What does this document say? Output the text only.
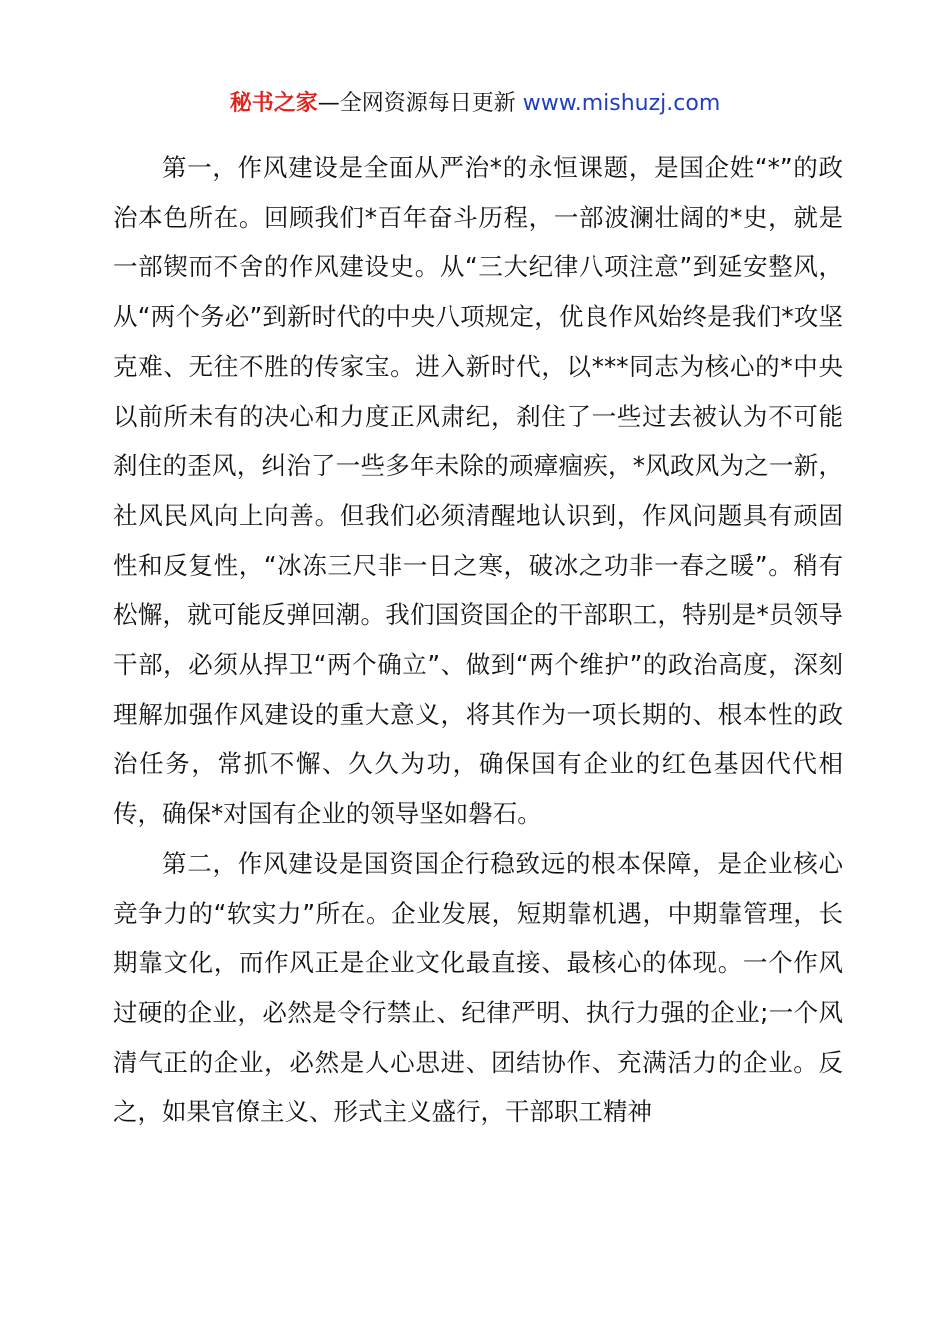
秘书之家—全网资源每日更新 www.mishuzj.com

第一，作风建设是全面从严治*的永恒课题，是国企姓“*”的政治本色所在。回顾我们*百年奋斗历程，一部波澜壮阔的*史，就是一部锲而不舍的作风建设史。从“三大纪律八项注意”到延安整风，从“两个务必”到新时代的中央八项规定，优良作风始终是我们*攻坚克难、无往不胜的传家宝。进入新时代，以***同志为核心的*中央以前所未有的决心和力度正风肃纪，刹住了一些过去被认为不可能刹住的歪风，纠治了一些多年未除的顽瘴痼疾，*风政风为之一新，社风民风向上向善。但我们必须清醒地认识到，作风问题具有顽固性和反复性，“冰冻三尺非一日之寒，破冰之功非一春之暖”。稍有松懈，就可能反弹回潮。我们国资国企的干部职工，特别是*员领导干部，必须从捍卫“两个确立”、做到“两个维护”的政治高度，深刻理解加强作风建设的重大意义，将其作为一项长期的、根本性的政治任务，常抓不懈、久久为功，确保国有企业的红色基因代代相传，确保*对国有企业的领导坚如磐石。

第二，作风建设是国资国企行稳致远的根本保障，是企业核心竞争力的“软实力”所在。企业发展，短期靠机遇，中期靠管理，长期靠文化，而作风正是企业文化最直接、最核心的体现。一个作风过硬的企业，必然是令行禁止、纪律严明、执行力强的企业;一个风清气正的企业，必然是人心思进、团结协作、充满活力的企业。反之，如果官僚主义、形式主义盛行，干部职工精神
